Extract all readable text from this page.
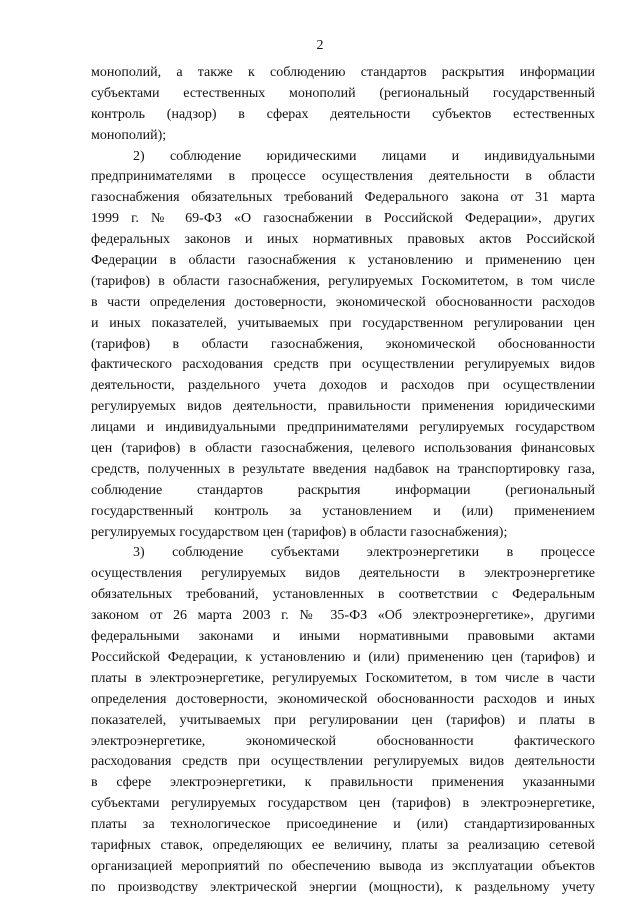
2
монополий, а также к соблюдению стандартов раскрытия информации
субъектами естественных монополий (региональный государственный
контроль (надзор) в сферах деятельности субъектов естественных
монополий);
2) соблюдение юридическими лицами и индивидуальными
предпринимателями в процессе осуществления деятельности в области
газоснабжения обязательных требований Федерального закона от 31 марта
1999 г. № 69-ФЗ «О газоснабжении в Российской Федерации», других
федеральных законов и иных нормативных правовых актов Российской
Федерации в области газоснабжения к установлению и применению цен
(тарифов) в области газоснабжения, регулируемых Госкомитетом, в том числе
в части определения достоверности, экономической обоснованности расходов
и иных показателей, учитываемых при государственном регулировании цен
(тарифов) в области газоснабжения, экономической обоснованности
фактического расходования средств при осуществлении регулируемых видов
деятельности, раздельного учета доходов и расходов при осуществлении
регулируемых видов деятельности, правильности применения юридическими
лицами и индивидуальными предпринимателями регулируемых государством
цен (тарифов) в области газоснабжения, целевого использования финансовых
средств, полученных в результате введения надбавок на транспортировку газа,
соблюдение стандартов раскрытия информации (региональный
государственный контроль за установлением и (или) применением
регулируемых государством цен (тарифов) в области газоснабжения);
3) соблюдение субъектами электроэнергетики в процессе
осуществления регулируемых видов деятельности в электроэнергетике
обязательных требований, установленных в соответствии с Федеральным
законом от 26 марта 2003 г. № 35-ФЗ «Об электроэнергетике», другими
федеральными законами и иными нормативными правовыми актами
Российской Федерации, к установлению и (или) применению цен (тарифов) и
платы в электроэнергетике, регулируемых Госкомитетом, в том числе в части
определения достоверности, экономической обоснованности расходов и иных
показателей, учитываемых при регулировании цен (тарифов) и платы в
электроэнергетике, экономической обоснованности фактического
расходования средств при осуществлении регулируемых видов деятельности
в сфере электроэнергетики, к правильности применения указанными
субъектами регулируемых государством цен (тарифов) в электроэнергетике,
платы за технологическое присоединение и (или) стандартизированных
тарифных ставок, определяющих ее величину, платы за реализацию сетевой
организацией мероприятий по обеспечению вывода из эксплуатации объектов
по производству электрической энергии (мощности), к раздельному учету
